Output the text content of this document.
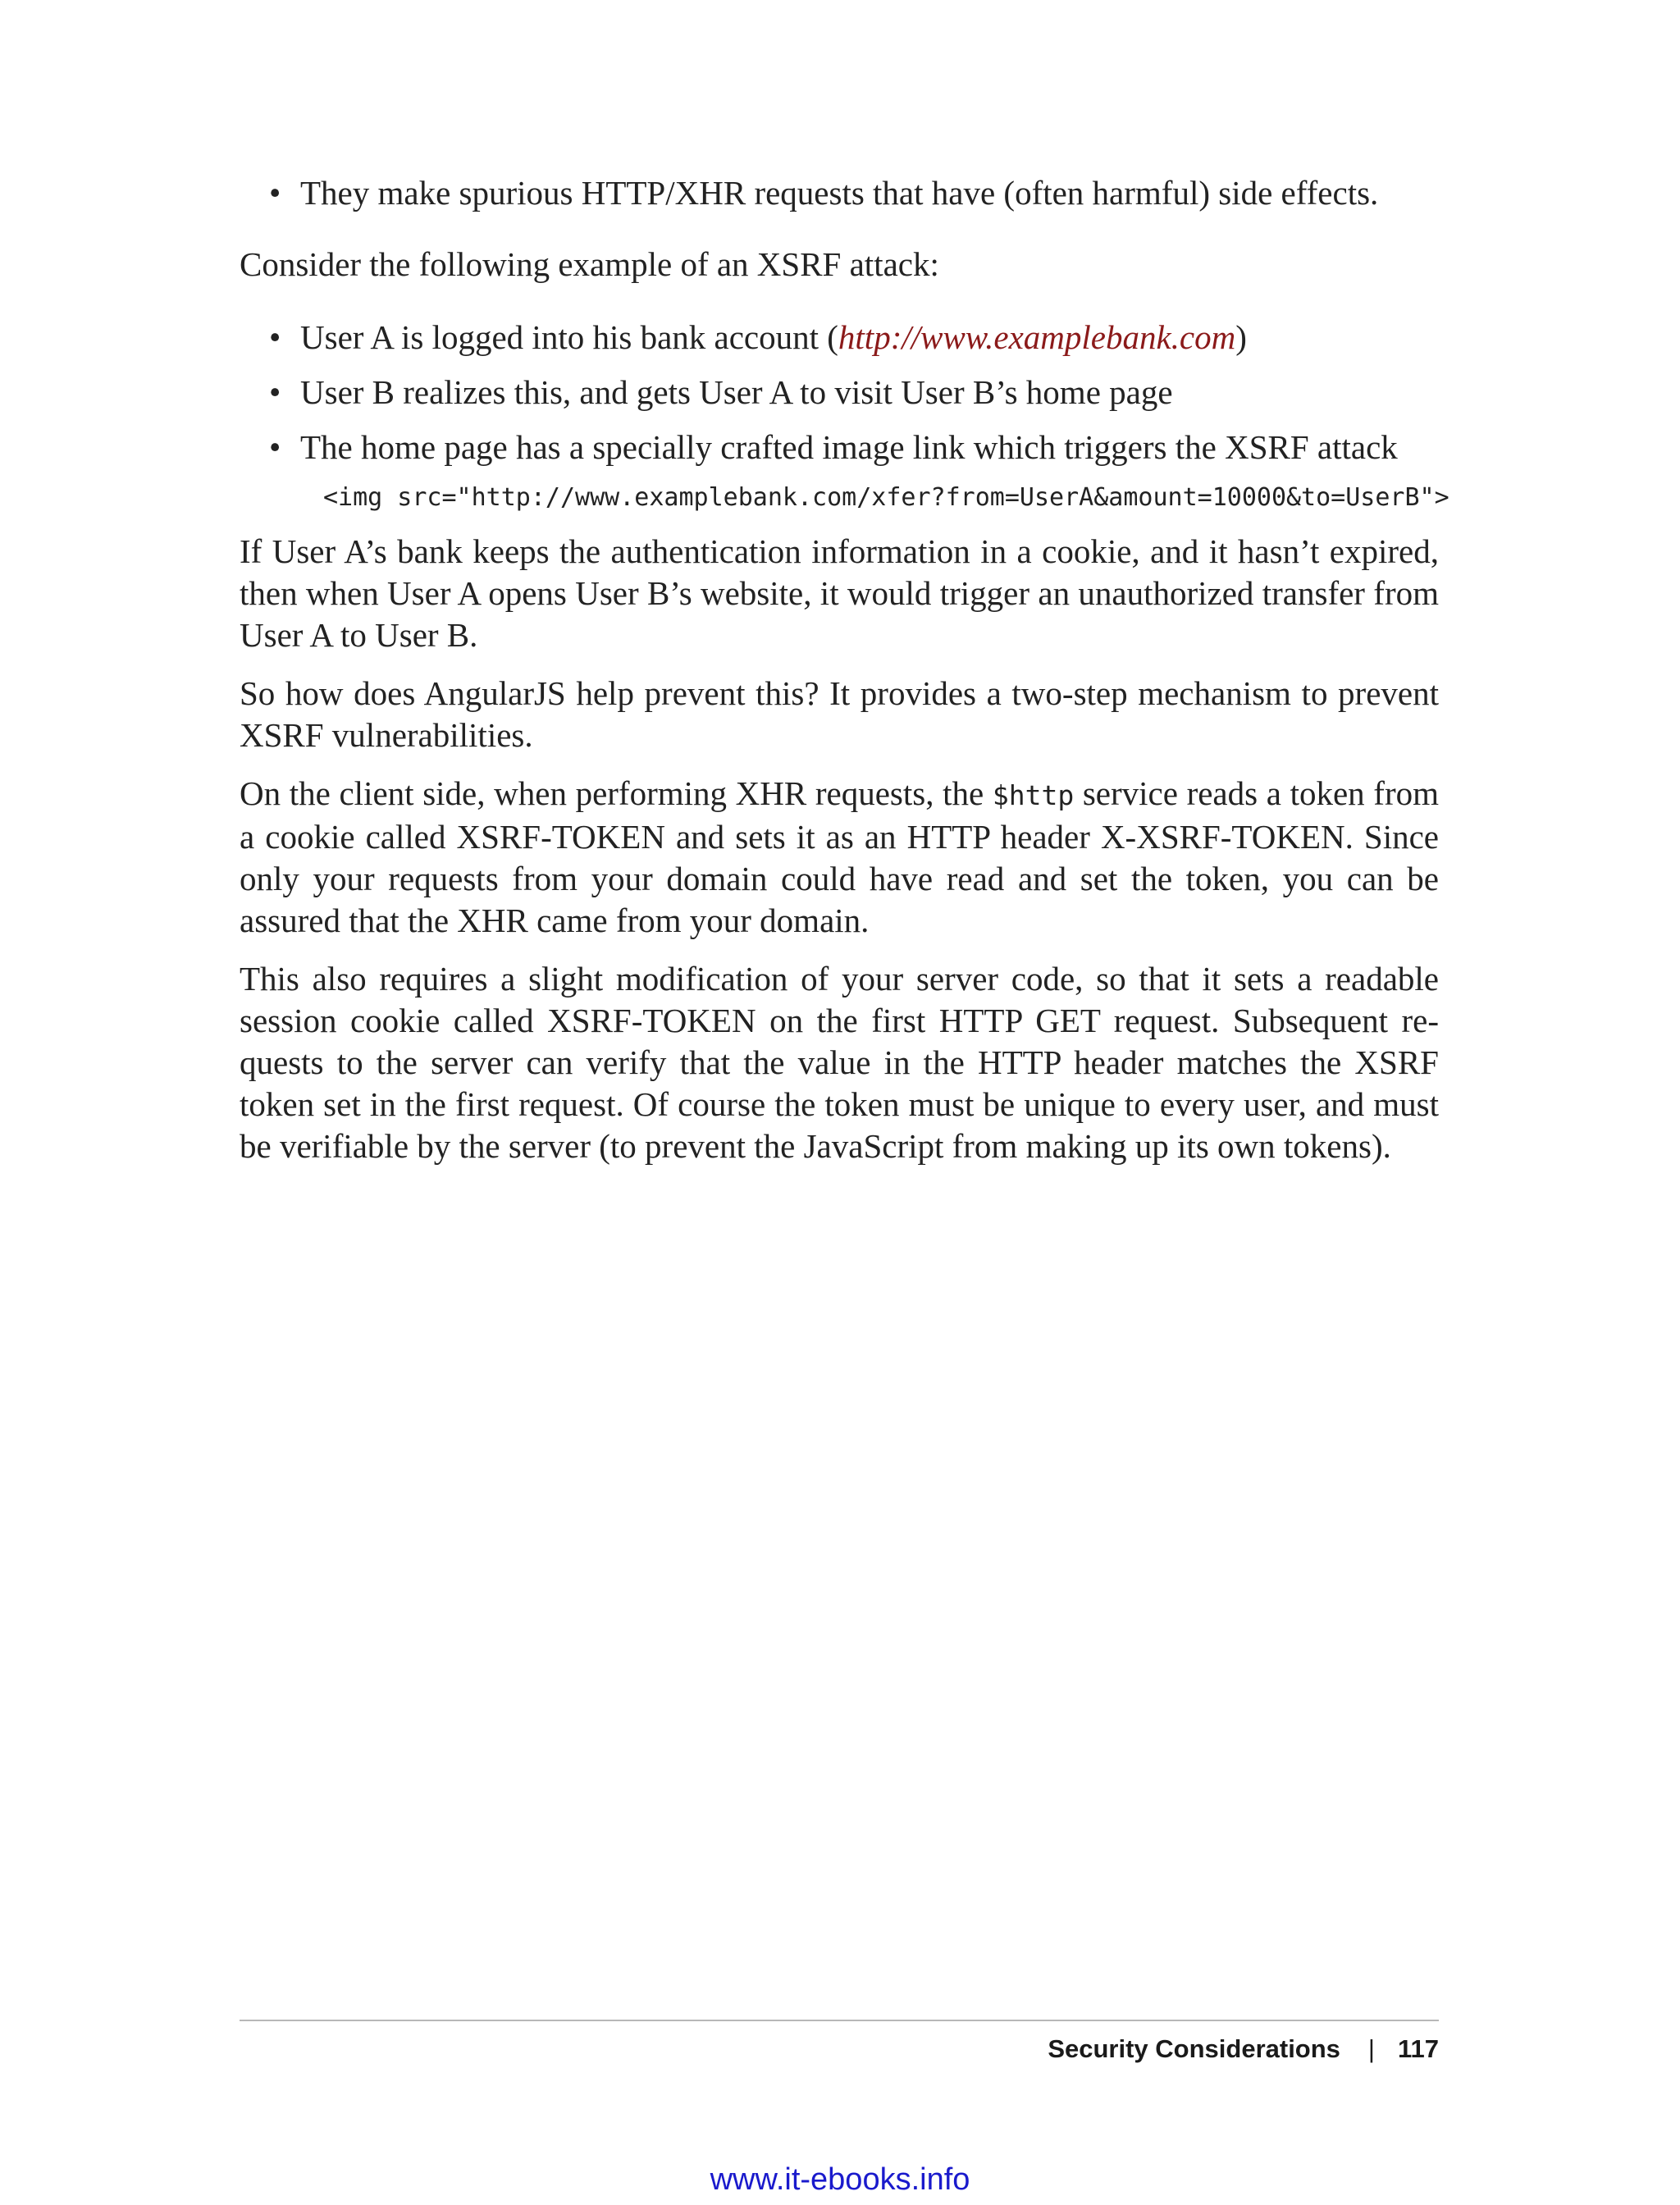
• They make spurious HTTP/XHR requests that have (often harmful) side effects.

Consider the following example of an XSRF attack:

• User A is logged into his bank account (http://www.examplebank.com)
• User B realizes this, and gets User A to visit User B’s home page
• The home page has a specially crafted image link which triggers the XSRF attack
<img src="http://www.examplebank.com/xfer?from=UserA&amount=10000&to=UserB">

If User A’s bank keeps the authentication information in a cookie, and it hasn’t expired, then when User A opens User B’s website, it would trigger an unauthorized transfer from User A to User B.

So how does AngularJS help prevent this? It provides a two-step mechanism to prevent XSRF vulnerabilities.

On the client side, when performing XHR requests, the $http service reads a token from a cookie called XSRF-TOKEN and sets it as an HTTP header X-XSRF-TOKEN. Since only your requests from your domain could have read and set the token, you can be assured that the XHR came from your domain.

This also requires a slight modification of your server code, so that it sets a readable session cookie called XSRF-TOKEN on the first HTTP GET request. Subsequent requests to the server can verify that the value in the HTTP header matches the XSRF token set in the first request. Of course the token must be unique to every user, and must be verifiable by the server (to prevent the JavaScript from making up its own tokens).

Security Considerations | 117
www.it-ebooks.info
